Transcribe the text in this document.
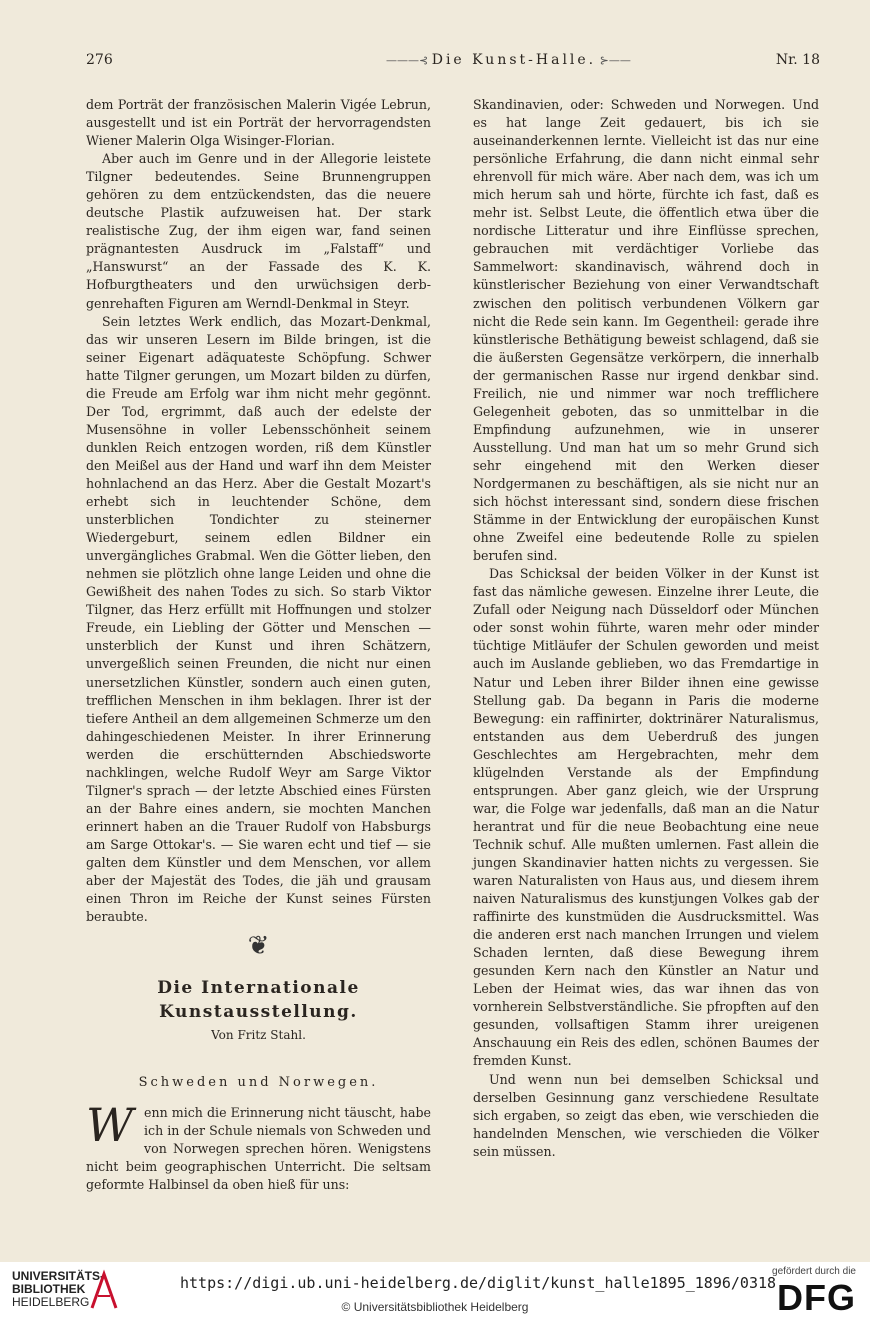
276	———⊰ Die Kunst-Halle. ⊱——	Nr. 18

dem Porträt der französischen Malerin Vigée Lebrun, ausgestellt und ist ein Porträt der hervorragendsten Wiener Malerin Olga Wisinger-Florian.

Aber auch im Genre und in der Allegorie leistete Tilgner bedeutendes. Seine Brunnengruppen gehören zu dem entzückendsten, das die neuere deutsche Plastik aufzuweisen hat. Der stark realistische Zug, der ihm eigen war, fand seinen prägnantesten Ausdruck im „Falstaff“ und „Hanswurst“ an der Fassade des K. K. Hofburgtheaters und den urwüchsigen derb-genrehaften Figuren am Werndl-Denkmal in Steyr.

Sein letztes Werk endlich, das Mozart-Denkmal, das wir unseren Lesern im Bilde bringen, ist die seiner Eigenart adäquateste Schöpfung. Schwer hatte Tilgner gerungen, um Mozart bilden zu dürfen, die Freude am Erfolg war ihm nicht mehr gegönnt. Der Tod, ergrimmt, daß auch der edelste der Musensöhne in voller Lebensschönheit seinem dunklen Reich entzogen worden, riß dem Künstler den Meißel aus der Hand und warf ihn dem Meister hohnlachend an das Herz. Aber die Gestalt Mozart's erhebt sich in leuchtender Schöne, dem unsterblichen Tondichter zu steinerner Wiedergeburt, seinem edlen Bildner ein unvergängliches Grabmal. Wen die Götter lieben, den nehmen sie plötzlich ohne lange Leiden und ohne die Gewißheit des nahen Todes zu sich. So starb Viktor Tilgner, das Herz erfüllt mit Hoffnungen und stolzer Freude, ein Liebling der Götter und Menschen — unsterblich der Kunst und ihren Schätzern, unvergeßlich seinen Freunden, die nicht nur einen unersetzlichen Künstler, sondern auch einen guten, trefflichen Menschen in ihm beklagen. Ihrer ist der tiefere Antheil an dem allgemeinen Schmerze um den dahingeschiedenen Meister. In ihrer Erinnerung werden die erschütternden Abschiedsworte nachklingen, welche Rudolf Weyr am Sarge Viktor Tilgner's sprach — der letzte Abschied eines Fürsten an der Bahre eines andern, sie mochten Manchen erinnert haben an die Trauer Rudolf von Habsburgs am Sarge Ottokar's. — Sie waren echt und tief — sie galten dem Künstler und dem Menschen, vor allem aber der Majestät des Todes, die jäh und grausam einen Thron im Reiche der Kunst seines Fürsten beraubte.

❦
Die Internationale Kunstausstellung.
Von Fritz Stahl.
Schweden und Norwegen.

Wenn mich die Erinnerung nicht täuscht, habe ich in der Schule niemals von Schweden und von Norwegen sprechen hören. Wenigstens nicht beim geographischen Unterricht. Die seltsam geformte Halbinsel da oben hieß für uns:

Skandinavien, oder: Schweden und Norwegen. Und es hat lange Zeit gedauert, bis ich sie auseinanderkennen lernte. Vielleicht ist das nur eine persönliche Erfahrung, die dann nicht einmal sehr ehrenvoll für mich wäre. Aber nach dem, was ich um mich herum sah und hörte, fürchte ich fast, daß es mehr ist. Selbst Leute, die öffentlich etwa über die nordische Litteratur und ihre Einflüsse sprechen, gebrauchen mit verdächtiger Vorliebe das Sammelwort: skandinavisch, während doch in künstlerischer Beziehung von einer Verwandtschaft zwischen den politisch verbundenen Völkern gar nicht die Rede sein kann. Im Gegentheil: gerade ihre künstlerische Bethätigung beweist schlagend, daß sie die äußersten Gegensätze verkörpern, die innerhalb der germanischen Rasse nur irgend denkbar sind. Freilich, nie und nimmer war noch trefflichere Gelegenheit geboten, das so unmittelbar in die Empfindung aufzunehmen, wie in unserer Ausstellung. Und man hat um so mehr Grund sich sehr eingehend mit den Werken dieser Nordgermanen zu beschäftigen, als sie nicht nur an sich höchst interessant sind, sondern diese frischen Stämme in der Entwicklung der europäischen Kunst ohne Zweifel eine bedeutende Rolle zu spielen berufen sind.

Das Schicksal der beiden Völker in der Kunst ist fast das nämliche gewesen. Einzelne ihrer Leute, die Zufall oder Neigung nach Düsseldorf oder München oder sonst wohin führte, waren mehr oder minder tüchtige Mitläufer der Schulen geworden und meist auch im Auslande geblieben, wo das Fremdartige in Natur und Leben ihrer Bilder ihnen eine gewisse Stellung gab. Da begann in Paris die moderne Bewegung: ein raffinirter, doktrinärer Naturalismus, entstanden aus dem Ueberdruß des jungen Geschlechtes am Hergebrachten, mehr dem klügelnden Verstande als der Empfindung entsprungen. Aber ganz gleich, wie der Ursprung war, die Folge war jedenfalls, daß man an die Natur herantrat und für die neue Beobachtung eine neue Technik schuf. Alle mußten umlernen. Fast allein die jungen Skandinavier hatten nichts zu vergessen. Sie waren Naturalisten von Haus aus, und diesem ihrem naiven Naturalismus des kunstjungen Volkes gab der raffinirte des kunstmüden die Ausdrucksmittel. Was die anderen erst nach manchen Irrungen und vielem Schaden lernten, daß diese Bewegung ihrem gesunden Kern nach den Künstler an Natur und Leben der Heimat wies, das war ihnen das von vornherein Selbstverständliche. Sie pfropften auf den gesunden, vollsaftigen Stamm ihrer ureigenen Anschauung ein Reis des edlen, schönen Baumes der fremden Kunst.

Und wenn nun bei demselben Schicksal und derselben Gesinnung ganz verschiedene Resultate sich ergaben, so zeigt das eben, wie verschieden die handelnden Menschen, wie verschieden die Völker sein müssen.

UNIVERSITÄTS-
BIBLIOTHEK
HEIDELBERG
https://digi.ub.uni-heidelberg.de/diglit/kunst_halle1895_1896/0318
© Universitätsbibliothek Heidelberg
gefördert durch die
DFG
